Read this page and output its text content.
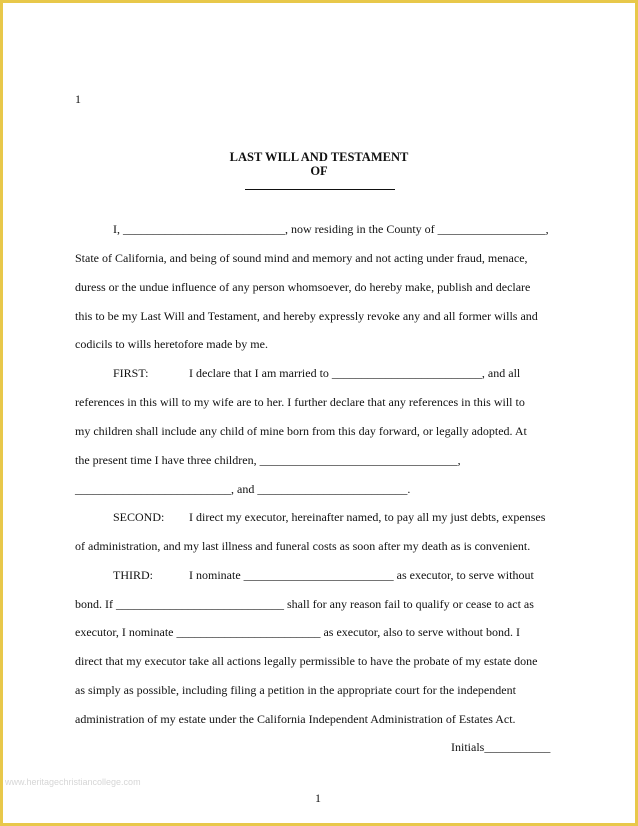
1
LAST WILL AND TESTAMENT
OF
I, ___________________________, now residing in the County of __________________,
State of California, and being of sound mind and memory and not acting under fraud, menace,
duress or the undue influence of any person whomsoever, do hereby make, publish and declare
this to be my Last Will and Testament, and hereby expressly revoke any and all former wills and
codicils to wills heretofore made by me.
FIRST:	I declare that I am married to _________________________, and all
references in this will to my wife are to her. I further declare that any references in this will to
my children shall include any child of mine born from this day forward, or legally adopted. At
the present time I have three children, _________________________________,
__________________________, and _________________________.
SECOND: I direct my executor, hereinafter named, to pay all my just debts, expenses
of administration, and my last illness and funeral costs as soon after my death as is convenient.
THIRD:	I nominate _________________________ as executor, to serve without
bond. If ____________________________ shall for any reason fail to qualify or cease to act as
executor, I nominate ________________________ as executor, also to serve without bond. I
direct that my executor take all actions legally permissible to have the probate of my estate done
as simply as possible, including filing a petition in the appropriate court for the independent
administration of my estate under the California Independent Administration of Estates Act.
Initials___________
www.heritagechristiancollege.com
1
